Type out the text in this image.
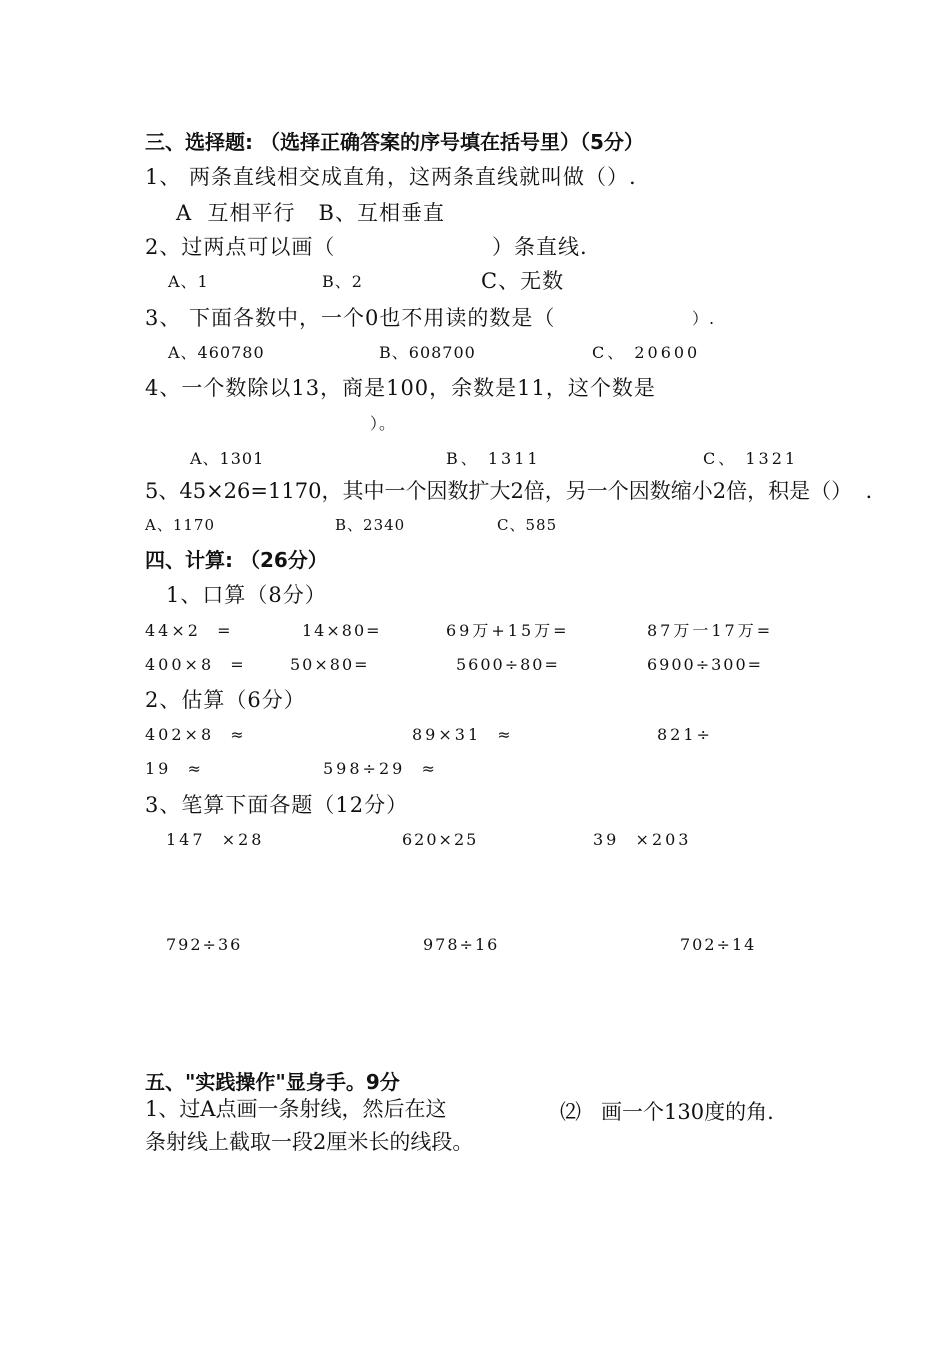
三、选择题: （选择正确答案的序号填在括号里）（5分）
1、 两条直线相交成直角，这两条直线就叫做（）.
A  互相平行   B、互相垂直
2、过两点可以画（	）条直线.
A、1	B、2	C、无数
3、 下面各数中，一个0也不用读的数是（	）.
A、460780	B、608700	C、 20600
4、一个数除以13，商是100，余数是11，这个数是
）。
A、1301	B、 1311	C、 1321
5、45×26=1170，其中一个因数扩大2倍，另一个因数缩小2倍，积是（）  .
A、1170	B、2340	C、585
四、计算: （26分）
1、口算（8分）
44×2  =	14×80=	69万+15万=	87万一17万=
400×8  =	50×80=	5600÷80=	6900÷300=
2、估算（6分）
402×8  ≈	89×31  ≈	821÷
19  ≈	598÷29  ≈
3、笔算下面各题（12分）
147  ×28	620×25	39  ×203
792÷36	978÷16	702÷14
五、"实践操作"显身手。9分
1、过A点画一条射线，然后在这
条射线上截取一段2厘米长的线段。
⑵   画一个130度的角.
